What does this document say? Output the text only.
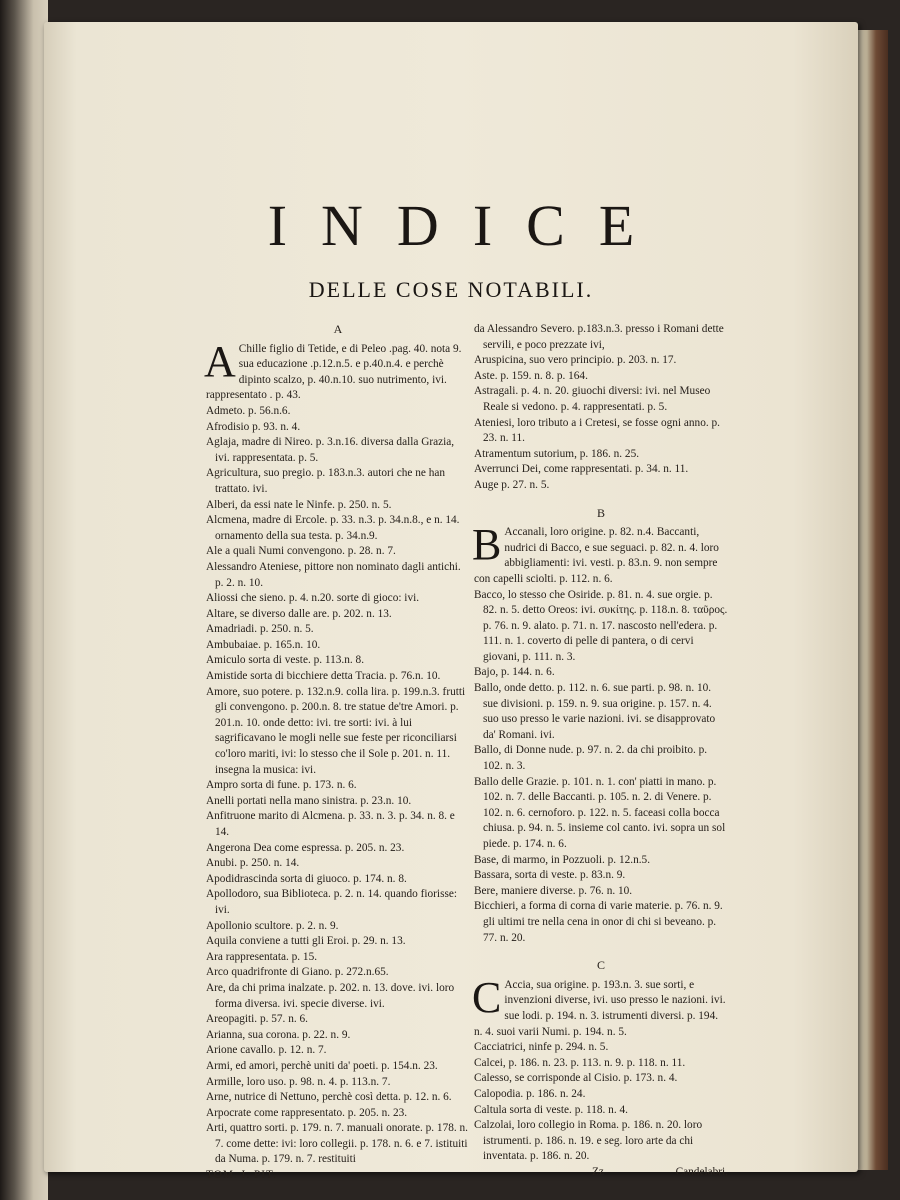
INDICE
DELLE COSE NOTABILI.
A

A Chille figlio di Tetide, e di Peleo .pag. 40. nota 9. sua educazione .p.12.n.5. e p.40.n.4. e perchè dipinto scalzo, p. 40.n.10. suo nutrimento, ivi. rappresentato . p. 43.

Admeto. p. 56.n.6.

Afrodisio p. 93. n. 4.

Aglaja, madre di Nireo. p. 3.n.16. diversa dalla Grazia, ivi. rappresentata. p. 5.

Agricultura, suo pregio. p. 183.n.3. autori che ne han trattato. ivi.

Alberi, da essi nate le Ninfe. p. 250. n. 5.

Alcmena, madre di Ercole. p. 33. n.3. p. 34.n.8., e n. 14. ornamento della sua testa. p. 34.n.9.

Ale a quali Numi convengono. p. 28. n. 7.

Alessandro Ateniese, pittore non nominato dagli antichi. p. 2. n. 10.

Aliossi che sieno. p. 4. n.20. sorte di gioco: ivi.

Altare, se diverso dalle are. p. 202. n. 13.

Amadriadi. p. 250. n. 5.

Ambubaiae. p. 165.n. 10.

Amiculo sorta di veste. p. 113.n. 8.

Amistide sorta di bicchiere detta Tracia. p. 76.n. 10.

Amore, suo potere. p. 132.n.9. colla lira. p. 199.n.3. frutti gli convengono. p. 200.n. 8. tre statue de'tre Amori. p. 201.n. 10. onde detto: ivi. tre sorti: ivi. à lui sagrificavano le mogli nelle sue feste per riconciliarsi co'loro mariti, ivi: lo stesso che il Sole p. 201. n. 11. insegna la musica: ivi.

Ampro sorta di fune. p. 173. n. 6.

Anelli portati nella mano sinistra. p. 23.n. 10.

Anfitruone marito di Alcmena. p. 33. n. 3. p. 34. n. 8. e 14.

Angerona Dea come espressa. p. 205. n. 23.

Anubi. p. 250. n. 14.

Apodidrascinda sorta di giuoco. p. 174. n. 8.

Apollodoro, sua Biblioteca. p. 2. n. 14. quando fiorisse: ivi.

Apollonio scultore. p. 2. n. 9.

Aquila conviene a tutti gli Eroi. p. 29. n. 13.

Ara rappresentata. p. 15.

Arco quadrifronte di Giano. p. 272.n.65.

Are, da chi prima inalzate. p. 202. n. 13. dove. ivi. loro forma diversa. ivi. specie diverse. ivi.

Areopagiti. p. 57. n. 6.

Arianna, sua corona. p. 22. n. 9.

Arione cavallo. p. 12. n. 7.

Armi, ed amori, perchè uniti da' poeti. p. 154.n. 23.

Armille, loro uso. p. 98. n. 4. p. 113.n. 7.

Arne, nutrice di Nettuno, perchè così detta. p. 12. n. 6.

Arpocrate come rappresentato. p. 205. n. 23.

Arti, quattro sorti. p. 179. n. 7. manuali onorate. p. 178. n. 7. come dette: ivi: loro collegii. p. 178. n. 6. e 7. istituiti da Numa. p. 179. n. 7. restituiti

TOM. I. PIT.

da Alessandro Severo. p.183.n.3. presso i Romani dette servili, e poco prezzate ivi,

Aruspicina, suo vero principio. p. 203. n. 17.

Aste. p. 159. n. 8. p. 164.

Astragali. p. 4. n. 20. giuochi diversi: ivi. nel Museo Reale si vedono. p. 4. rappresentati. p. 5.

Ateniesi, loro tributo a i Cretesi, se fosse ogni anno. p. 23. n. 11.

Atramentum sutorium, p. 186. n. 25.

Averrunci Dei, come rappresentati. p. 34. n. 11.

Auge p. 27. n. 5.

B

B Accanali, loro origine. p. 82. n.4. Baccanti, nudrici di Bacco, e sue seguaci. p. 82. n. 4. loro abbigliamenti: ivi. vesti. p. 83.n. 9. non sempre con capelli sciolti. p. 112. n. 6.

Bacco, lo stesso che Osiride. p. 81. n. 4. sue orgie. p. 82. n. 5. detto Oreos: ivi. συκίτης. p. 118.n. 8. ταῦρος. p. 76. n. 9. alato. p. 71. n. 17. nascosto nell'edera. p. 111. n. 1. coverto di pelle di pantera, o di cervi giovani, p. 111. n. 3.

Bajo, p. 144. n. 6.

Ballo, onde detto. p. 112. n. 6. sue parti. p. 98. n. 10. sue divisioni. p. 159. n. 9. sua origine. p. 157. n. 4. suo uso presso le varie nazioni. ivi. se disapprovato da' Romani. ivi.

Ballo, di Donne nude. p. 97. n. 2. da chi proibito. p. 102. n. 3.

Ballo delle Grazie. p. 101. n. 1. con' piatti in mano. p. 102. n. 7. delle Baccanti. p. 105. n. 2. di Venere. p. 102. n. 6. cernoforo. p. 122. n. 5. faceasi colla bocca chiusa. p. 94. n. 5. insieme col canto. ivi. sopra un sol piede. p. 174. n. 6.

Base, di marmo, in Pozzuoli. p. 12.n.5.

Bassara, sorta di veste. p. 83.n. 9.

Bere, maniere diverse. p. 76. n. 10.

Bicchieri, a forma di corna di varie materie. p. 76. n. 9. gli ultimi tre nella cena in onor di chi si beveano. p. 77. n. 20.

C

C Accia, sua origine. p. 193.n. 3. sue sorti, e invenzioni diverse, ivi. uso presso le nazioni. ivi. sue lodi. p. 194. n. 3. istrumenti diversi. p. 194. n. 4. suoi varii Numi. p. 194. n. 5.

Cacciatrici, ninfe p. 294. n. 5.

Calcei, p. 186. n. 23. p. 113. n. 9. p. 118. n. 11.

Calesso, se corrisponde al Cisio. p. 173. n. 4.

Calopodia. p. 186. n. 24.

Caltula sorta di veste. p. 118. n. 4.

Calzolai, loro collegio in Roma. p. 186. n. 20. loro istrumenti. p. 186. n. 19. e seg. loro arte da chi inventata. p. 186. n. 20.

Zz	Candelabri,
